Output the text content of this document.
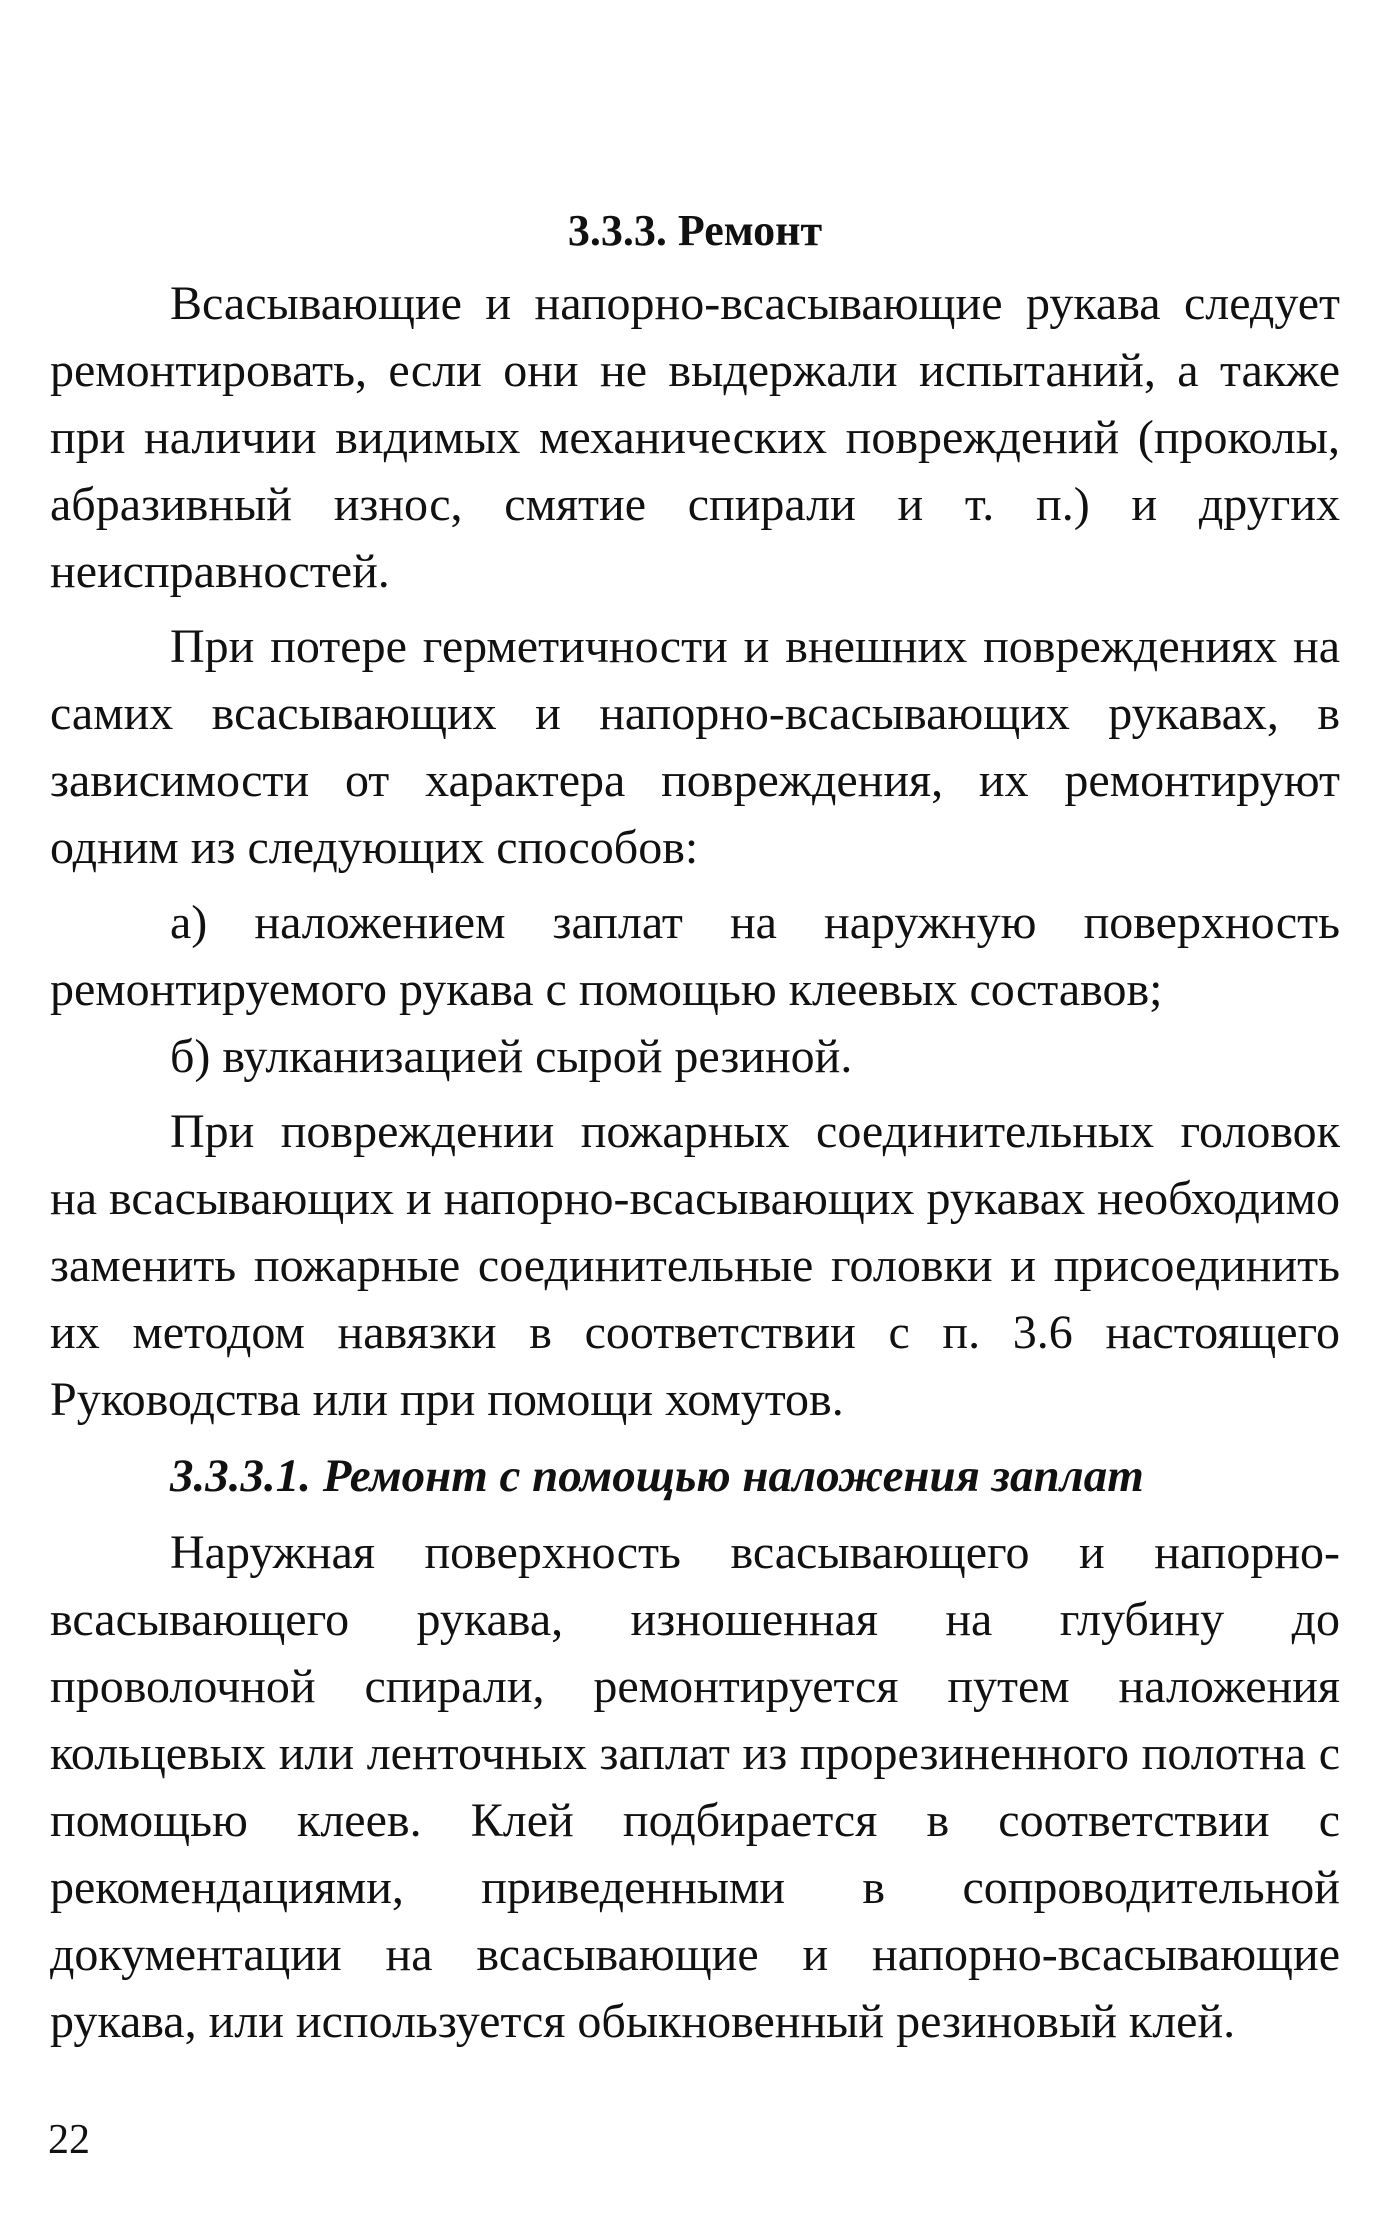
3.3.3. Ремонт

Всасывающие и напорно-всасывающие рукава следует ремонтировать, если они не выдержали испытаний, а также при наличии видимых механических повреждений (проколы, абразивный износ, смятие спирали и т. п.) и других неисправностей.

При потере герметичности и внешних повреждениях на самих всасывающих и напорно-всасывающих рукавах, в зависимости от характера повреждения, их ремонтируют одним из следующих способов:

а) наложением заплат на наружную поверхность ремонтируемого рукава с помощью клеевых составов;

б) вулканизацией сырой резиной.

При повреждении пожарных соединительных головок на всасывающих и напорно-всасывающих рукавах необходимо заменить пожарные соединительные головки и присоединить их методом навязки в соответствии с п. 3.6 настоящего Руководства или при помощи хомутов.

3.3.3.1. Ремонт с помощью наложения заплат

Наружная поверхность всасывающего и напорно-всасывающего рукава, изношенная на глубину до проволочной спирали, ремонтируется путем наложения кольцевых или ленточных заплат из прорезиненного полотна с помощью клеев. Клей подбирается в соответствии с рекомендациями, приведенными в сопроводительной документации на всасывающие и напорно-всасывающие рукава, или используется обыкновенный резиновый клей.

22
